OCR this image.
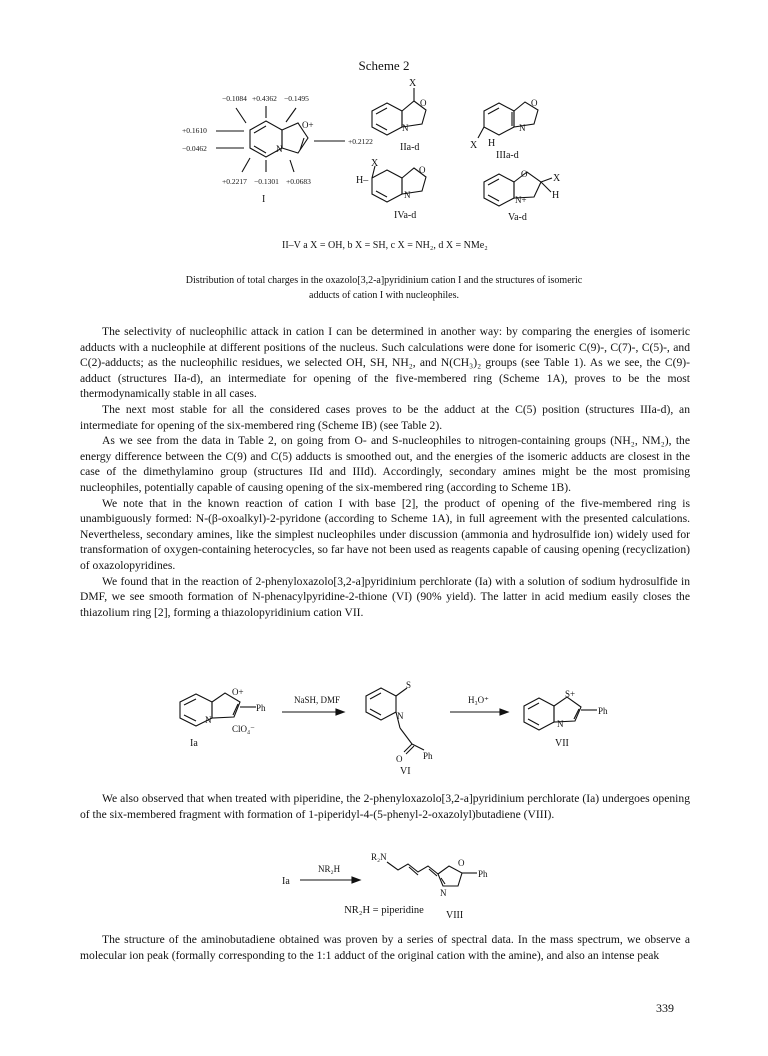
Scheme 2
−0.1084 +0.4362 −0.1495
+0.1610
−0.0462
+0.2122
+0.2217 −0.1301 +0.0683
O+
N
I
X
O
N
IIa-d
O
N
X H
IIIa-d
X
H–
O
N
IVa-d
O
N+
X
H
Va-d
II–V a X = OH, b X = SH, c X = NH₂, d X = NMe₂
O+
N
Ph
ClO₄⁻
Ia
NaSH, DMF
S
N
O Ph
VI
H₃O⁺
S+
N
Ph
VII
Ia
NR₂H
R₂N
O
N
Ph
VIII
Distribution of total charges in the oxazolo[3,2-a]pyridinium cation I and the structures of isomeric
adducts of cation I with nucleophiles.

The selectivity of nucleophilic attack in cation I can be determined in another way: by comparing the energies of isomeric adducts with a nucleophile at different positions of the nucleus. Such calculations were done for isomeric C(9)-, C(7)-, C(5)-, and C(2)-adducts; as the nucleophilic residues, we selected OH, SH, NH₂, and N(CH₃)₂ groups (see Table 1). As we see, the C(9)-adduct (structures IIa-d), an intermediate for opening of the five-membered ring (Scheme 1A), proves to be the most thermodynamically stable in all cases.

The next most stable for all the considered cases proves to be the adduct at the C(5) position (structures IIIa-d), an intermediate for opening of the six-membered ring (Scheme IB) (see Table 2).

As we see from the data in Table 2, on going from O- and S-nucleophiles to nitrogen-containing groups (NH₂, NM₂), the energy difference between the C(9) and C(5) adducts is smoothed out, and the energies of the isomeric adducts are closest in the case of the dimethylamino group (structures IId and IIId). Accordingly, secondary amines might be the most promising nucleophiles, potentially capable of causing opening of the six-membered ring (according to Scheme 1B).

We note that in the known reaction of cation I with base [2], the product of opening of the five-membered ring is unambiguously formed: N-(β-oxoalkyl)-2-pyridone (according to Scheme 1A), in full agreement with the presented calculations. Nevertheless, secondary amines, like the simplest nucleophiles under discussion (ammonia and hydrosulfide ion) widely used for transformation of oxygen-containing heterocycles, so far have not been used as reagents capable of causing opening (recyclization) of oxazolopyridines.

We found that in the reaction of 2-phenyloxazolo[3,2-a]pyridinium perchlorate (Ia) with a solution of sodium hydrosulfide in DMF, we see smooth formation of N-phenacylpyridine-2-thione (VI) (90% yield). The latter in acid medium easily closes the thiazolium ring [2], forming a thiazolopyridinium cation VII.

We also observed that when treated with piperidine, the 2-phenyloxazolo[3,2-a]pyridinium perchlorate (Ia) undergoes opening of the six-membered fragment with formation of 1-piperidyl-4-(5-phenyl-2-oxazolyl)butadiene (VIII).

NR₂H = piperidine

The structure of the aminobutadiene obtained was proven by a series of spectral data. In the mass spectrum, we observe a molecular ion peak (formally corresponding to the 1:1 adduct of the original cation with the amine), and also an intense peak

339
